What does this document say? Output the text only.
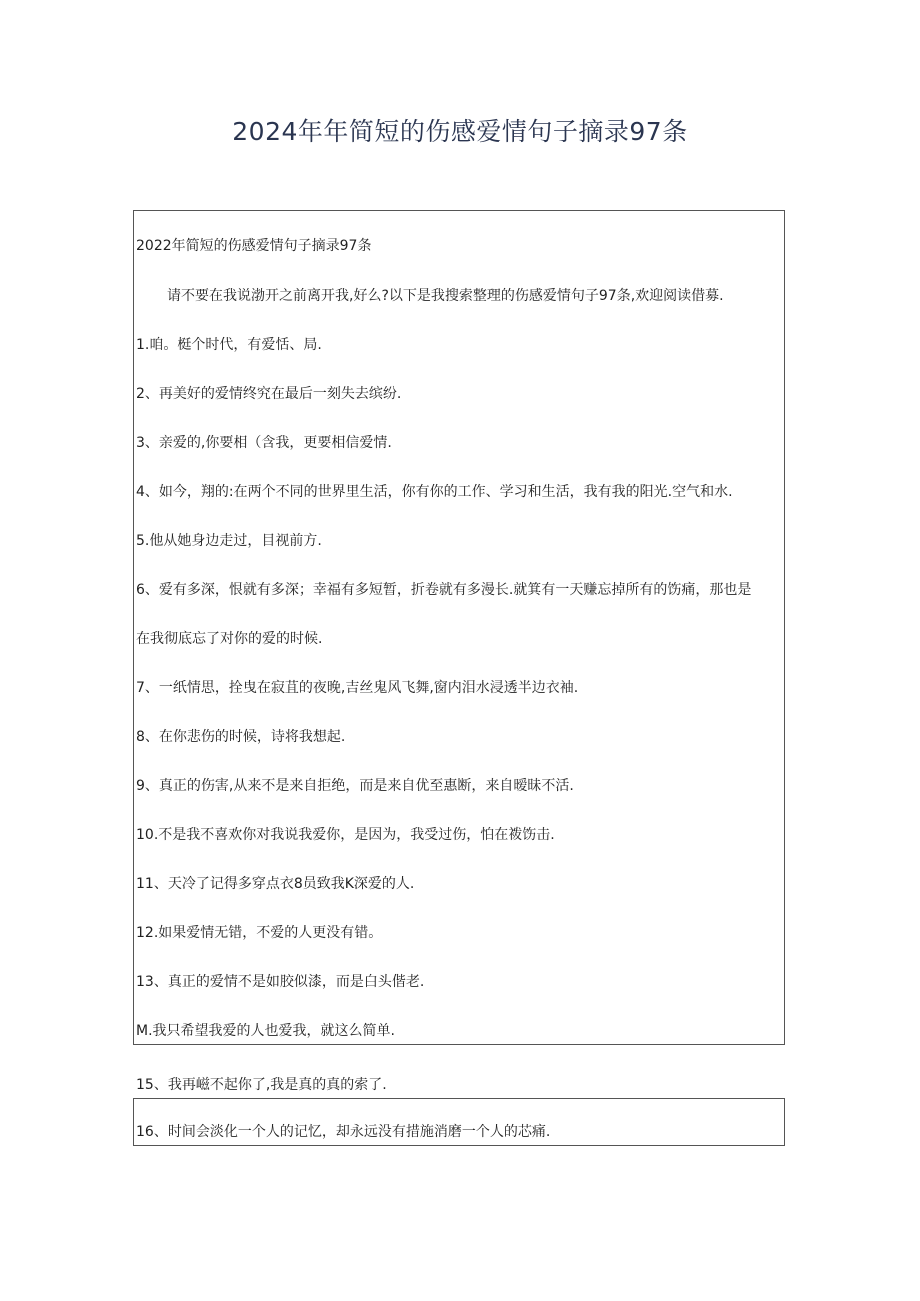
2024年年简短的伤感爱情句子摘录97条
2022年简短的伤感爱情句子摘录97条
请不要在我说渤开之前离开我,好么?以下是我搜索整理的伤感爱情句子97条,欢迎阅读借募.
1.咱。梃个时代，有爱恬、局.
2、再美好的爱情终究在最后一刻失去缤纷.
3、亲爱的,你要相（含我，更要相信爱情.
4、如今，翔的:在两个不同的世界里生活，你有你的工作、学习和生活，我有我的阳光.空气和水.
5.他从她身边走过，目视前方.
6、爱有多深，恨就有多深；幸福有多短暂，折卷就有多漫长.就箕有一天赚忘掉所有的饬痛，那也是
在我彻底忘了对你的爱的时候.
7、一纸情思，拴曳在寂苴的夜晚,吉丝鬼风飞舞,窗内泪水浸透半边衣袖.
8、在你悲伤的时候，诗将我想起.
9、真正的伤害,从来不是来自拒绝，而是来自优至惠断，来自暧昧不活.
10.不是我不喜欢你对我说我爱你，是因为，我受过伤，怕在袯饬击.
11、天冷了记得多穿点衣8员致我K深爱的人.
12.如果爱情无错，不爱的人更没有错。
13、真正的爱情不是如胶似漆，而是白头偕老.
M.我只希望我爱的人也爱我，就这么简单.
15、我再嵫不起你了,我是真的真的索了.
16、时间会淡化一个人的记忆，却永远没有措施消磨一个人的芯痛.
